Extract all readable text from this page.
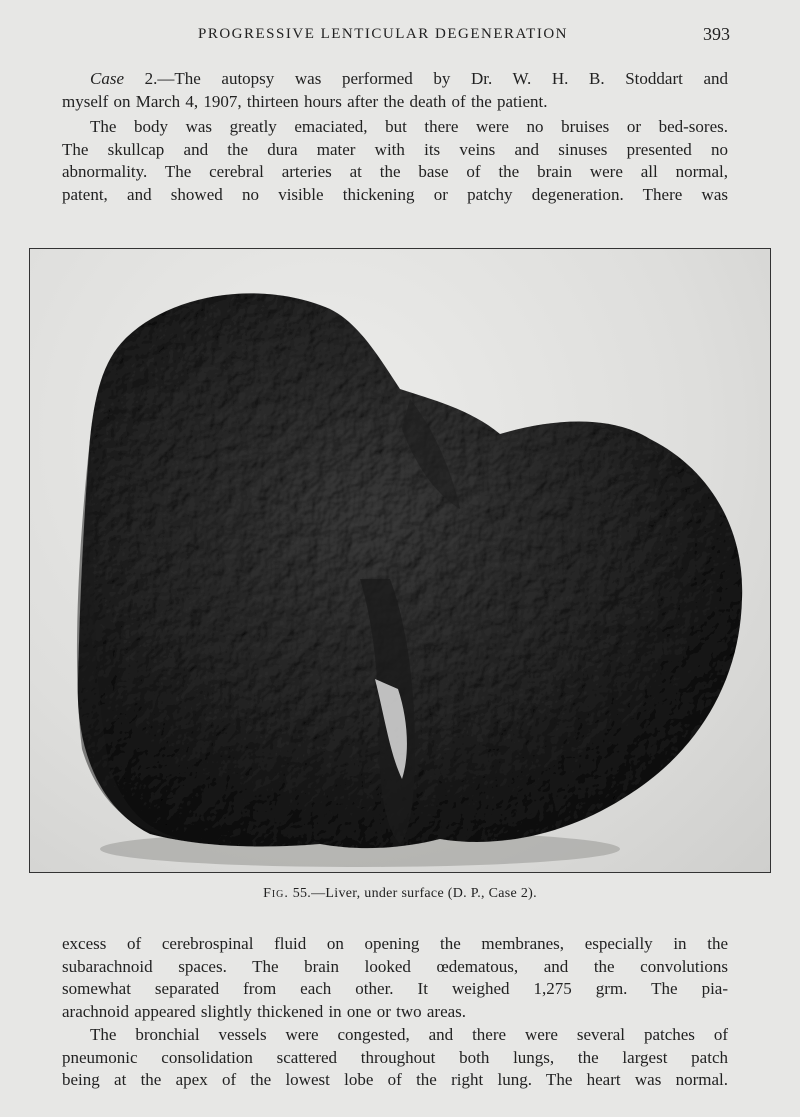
PROGRESSIVE LENTICULAR DEGENERATION	393

Case 2.—The autopsy was performed by Dr. W. H. B. Stoddart and
myself on March 4, 1907, thirteen hours after the death of the patient.

The body was greatly emaciated, but there were no bruises or bed-sores.
The skullcap and the dura mater with its veins and sinuses presented no
abnormality. The cerebral arteries at the base of the brain were all normal,
patent, and showed no visible thickening or patchy degeneration. There was

Fig. 55.—Liver, under surface (D. P., Case 2).

excess of cerebrospinal fluid on opening the membranes, especially in the
subarachnoid spaces. The brain looked œdematous, and the convolutions
somewhat separated from each other. It weighed 1,275 grm. The pia-
arachnoid appeared slightly thickened in one or two areas.

The bronchial vessels were congested, and there were several patches of
pneumonic consolidation scattered throughout both lungs, the largest patch
being at the apex of the lowest lobe of the right lung. The heart was normal.
